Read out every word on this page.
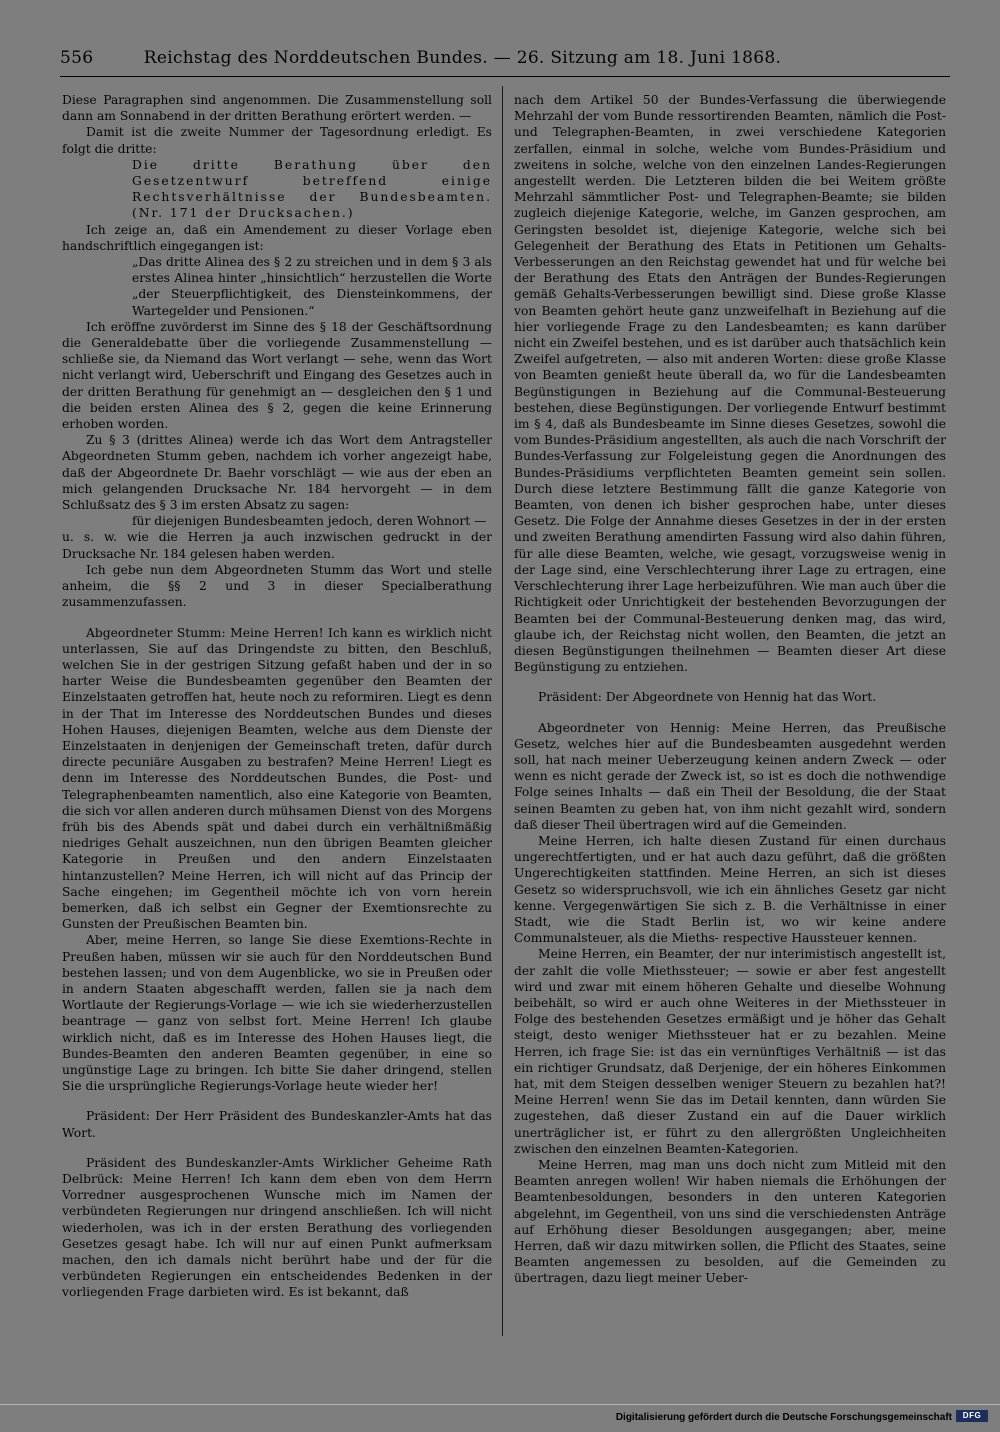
556	Reichstag des Norddeutschen Bundes. — 26. Sitzung am 18. Juni 1868.

Diese Paragraphen sind angenommen. Die Zusammenstellung soll dann am Sonnabend in der dritten Berathung erörtert werden. —

Damit ist die zweite Nummer der Tagesordnung erledigt. Es folgt die dritte:

Die dritte Berathung über den Gesetzentwurf betreffend einige Rechtsverhältnisse der Bundesbeamten. (Nr. 171 der Drucksachen.)

Ich zeige an, daß ein Amendement zu dieser Vorlage eben handschriftlich eingegangen ist:

„Das dritte Alinea des § 2 zu streichen und in dem § 3 als erstes Alinea hinter „hinsichtlich“ herzustellen die Worte „der Steuerpflichtigkeit, des Diensteinkommens, der Wartegelder und Pensionen.“

Ich eröffne zuvörderst im Sinne des § 18 der Geschäftsordnung die Generaldebatte über die vorliegende Zusammenstellung — schließe sie, da Niemand das Wort verlangt — sehe, wenn das Wort nicht verlangt wird, Ueberschrift und Eingang des Gesetzes auch in der dritten Berathung für genehmigt an — desgleichen den § 1 und die beiden ersten Alinea des § 2, gegen die keine Erinnerung erhoben worden.

Zu § 3 (drittes Alinea) werde ich das Wort dem Antragsteller Abgeordneten Stumm geben, nachdem ich vorher angezeigt habe, daß der Abgeordnete Dr. Baehr vorschlägt — wie aus der eben an mich gelangenden Drucksache Nr. 184 hervorgeht — in dem Schlußsatz des § 3 im ersten Absatz zu sagen:

für diejenigen Bundesbeamten jedoch, deren Wohnort —

u. s. w. wie die Herren ja auch inzwischen gedruckt in der Drucksache Nr. 184 gelesen haben werden.

Ich gebe nun dem Abgeordneten Stumm das Wort und stelle anheim, die §§ 2 und 3 in dieser Specialberathung zusammenzufassen.

Abgeordneter Stumm: Meine Herren! Ich kann es wirklich nicht unterlassen, Sie auf das Dringendste zu bitten, den Beschluß, welchen Sie in der gestrigen Sitzung gefaßt haben und der in so harter Weise die Bundesbeamten gegenüber den Beamten der Einzelstaaten getroffen hat, heute noch zu reformiren. Liegt es denn in der That im Interesse des Norddeutschen Bundes und dieses Hohen Hauses, diejenigen Beamten, welche aus dem Dienste der Einzelstaaten in denjenigen der Gemeinschaft treten, dafür durch directe pecuniäre Ausgaben zu bestrafen? Meine Herren! Liegt es denn im Interesse des Norddeutschen Bundes, die Post- und Telegraphenbeamten namentlich, also eine Kategorie von Beamten, die sich vor allen anderen durch mühsamen Dienst von des Morgens früh bis des Abends spät und dabei durch ein verhältnißmäßig niedriges Gehalt auszeichnen, nun den übrigen Beamten gleicher Kategorie in Preußen und den andern Einzelstaaten hintanzustellen? Meine Herren, ich will nicht auf das Princip der Sache eingehen; im Gegentheil möchte ich von vorn herein bemerken, daß ich selbst ein Gegner der Exemtionsrechte zu Gunsten der Preußischen Beamten bin.

Aber, meine Herren, so lange Sie diese Exemtions-Rechte in Preußen haben, müssen wir sie auch für den Norddeutschen Bund bestehen lassen; und von dem Augenblicke, wo sie in Preußen oder in andern Staaten abgeschafft werden, fallen sie ja nach dem Wortlaute der Regierungs-Vorlage — wie ich sie wiederherzustellen beantrage — ganz von selbst fort. Meine Herren! Ich glaube wirklich nicht, daß es im Interesse des Hohen Hauses liegt, die Bundes-Beamten den anderen Beamten gegenüber, in eine so ungünstige Lage zu bringen. Ich bitte Sie daher dringend, stellen Sie die ursprüngliche Regierungs-Vorlage heute wieder her!

Präsident: Der Herr Präsident des Bundeskanzler-Amts hat das Wort.

Präsident des Bundeskanzler-Amts Wirklicher Geheime Rath Delbrück: Meine Herren! Ich kann dem eben von dem Herrn Vorredner ausgesprochenen Wunsche mich im Namen der verbündeten Regierungen nur dringend anschließen. Ich will nicht wiederholen, was ich in der ersten Berathung des vorliegenden Gesetzes gesagt habe. Ich will nur auf einen Punkt aufmerksam machen, den ich damals nicht berührt habe und der für die verbündeten Regierungen ein entscheidendes Bedenken in der vorliegenden Frage darbieten wird. Es ist bekannt, daß

nach dem Artikel 50 der Bundes-Verfassung die überwiegende Mehrzahl der vom Bunde ressortirenden Beamten, nämlich die Post- und Telegraphen-Beamten, in zwei verschiedene Kategorien zerfallen, einmal in solche, welche vom Bundes-Präsidium und zweitens in solche, welche von den einzelnen Landes-Regierungen angestellt werden. Die Letzteren bilden die bei Weitem größte Mehrzahl sämmtlicher Post- und Telegraphen-Beamte; sie bilden zugleich diejenige Kategorie, welche, im Ganzen gesprochen, am Geringsten besoldet ist, diejenige Kategorie, welche sich bei Gelegenheit der Berathung des Etats in Petitionen um Gehalts-Verbesserungen an den Reichstag gewendet hat und für welche bei der Berathung des Etats den Anträgen der Bundes-Regierungen gemäß Gehalts-Verbesserungen bewilligt sind. Diese große Klasse von Beamten gehört heute ganz unzweifelhaft in Beziehung auf die hier vorliegende Frage zu den Landesbeamten; es kann darüber nicht ein Zweifel bestehen, und es ist darüber auch thatsächlich kein Zweifel aufgetreten, — also mit anderen Worten: diese große Klasse von Beamten genießt heute überall da, wo für die Landesbeamten Begünstigungen in Beziehung auf die Communal-Besteuerung bestehen, diese Begünstigungen. Der vorliegende Entwurf bestimmt im § 4, daß als Bundesbeamte im Sinne dieses Gesetzes, sowohl die vom Bundes-Präsidium angestellten, als auch die nach Vorschrift der Bundes-Verfassung zur Folgeleistung gegen die Anordnungen des Bundes-Präsidiums verpflichteten Beamten gemeint sein sollen. Durch diese letztere Bestimmung fällt die ganze Kategorie von Beamten, von denen ich bisher gesprochen habe, unter dieses Gesetz. Die Folge der Annahme dieses Gesetzes in der in der ersten und zweiten Berathung amendirten Fassung wird also dahin führen, für alle diese Beamten, welche, wie gesagt, vorzugsweise wenig in der Lage sind, eine Verschlechterung ihrer Lage zu ertragen, eine Verschlechterung ihrer Lage herbeizuführen. Wie man auch über die Richtigkeit oder Unrichtigkeit der bestehenden Bevorzugungen der Beamten bei der Communal-Besteuerung denken mag, das wird, glaube ich, der Reichstag nicht wollen, den Beamten, die jetzt an diesen Begünstigungen theilnehmen — Beamten dieser Art diese Begünstigung zu entziehen.

Präsident: Der Abgeordnete von Hennig hat das Wort.

Abgeordneter von Hennig: Meine Herren, das Preußische Gesetz, welches hier auf die Bundesbeamten ausgedehnt werden soll, hat nach meiner Ueberzeugung keinen andern Zweck — oder wenn es nicht gerade der Zweck ist, so ist es doch die nothwendige Folge seines Inhalts — daß ein Theil der Besoldung, die der Staat seinen Beamten zu geben hat, von ihm nicht gezahlt wird, sondern daß dieser Theil übertragen wird auf die Gemeinden.

Meine Herren, ich halte diesen Zustand für einen durchaus ungerechtfertigten, und er hat auch dazu geführt, daß die größten Ungerechtigkeiten stattfinden. Meine Herren, an sich ist dieses Gesetz so widerspruchsvoll, wie ich ein ähnliches Gesetz gar nicht kenne. Vergegenwärtigen Sie sich z. B. die Verhältnisse in einer Stadt, wie die Stadt Berlin ist, wo wir keine andere Communalsteuer, als die Mieths- respective Haussteuer kennen.

Meine Herren, ein Beamter, der nur interimistisch angestellt ist, der zahlt die volle Miethssteuer; — sowie er aber fest angestellt wird und zwar mit einem höheren Gehalte und dieselbe Wohnung beibehält, so wird er auch ohne Weiteres in der Miethssteuer in Folge des bestehenden Gesetzes ermäßigt und je höher das Gehalt steigt, desto weniger Miethssteuer hat er zu bezahlen. Meine Herren, ich frage Sie: ist das ein vernünftiges Verhältniß — ist das ein richtiger Grundsatz, daß Derjenige, der ein höheres Einkommen hat, mit dem Steigen desselben weniger Steuern zu bezahlen hat?! Meine Herren! wenn Sie das im Detail kennten, dann würden Sie zugestehen, daß dieser Zustand ein auf die Dauer wirklich unerträglicher ist, er führt zu den allergrößten Ungleichheiten zwischen den einzelnen Beamten-Kategorien.

Meine Herren, mag man uns doch nicht zum Mitleid mit den Beamten anregen wollen! Wir haben niemals die Erhöhungen der Beamtenbesoldungen, besonders in den unteren Kategorien abgelehnt, im Gegentheil, von uns sind die verschiedensten Anträge auf Erhöhung dieser Besoldungen ausgegangen; aber, meine Herren, daß wir dazu mitwirken sollen, die Pflicht des Staates, seine Beamten angemessen zu besolden, auf die Gemeinden zu übertragen, dazu liegt meiner Ueber-

Digitalisierung gefördert durch die Deutsche Forschungsgemeinschaft	DFG
